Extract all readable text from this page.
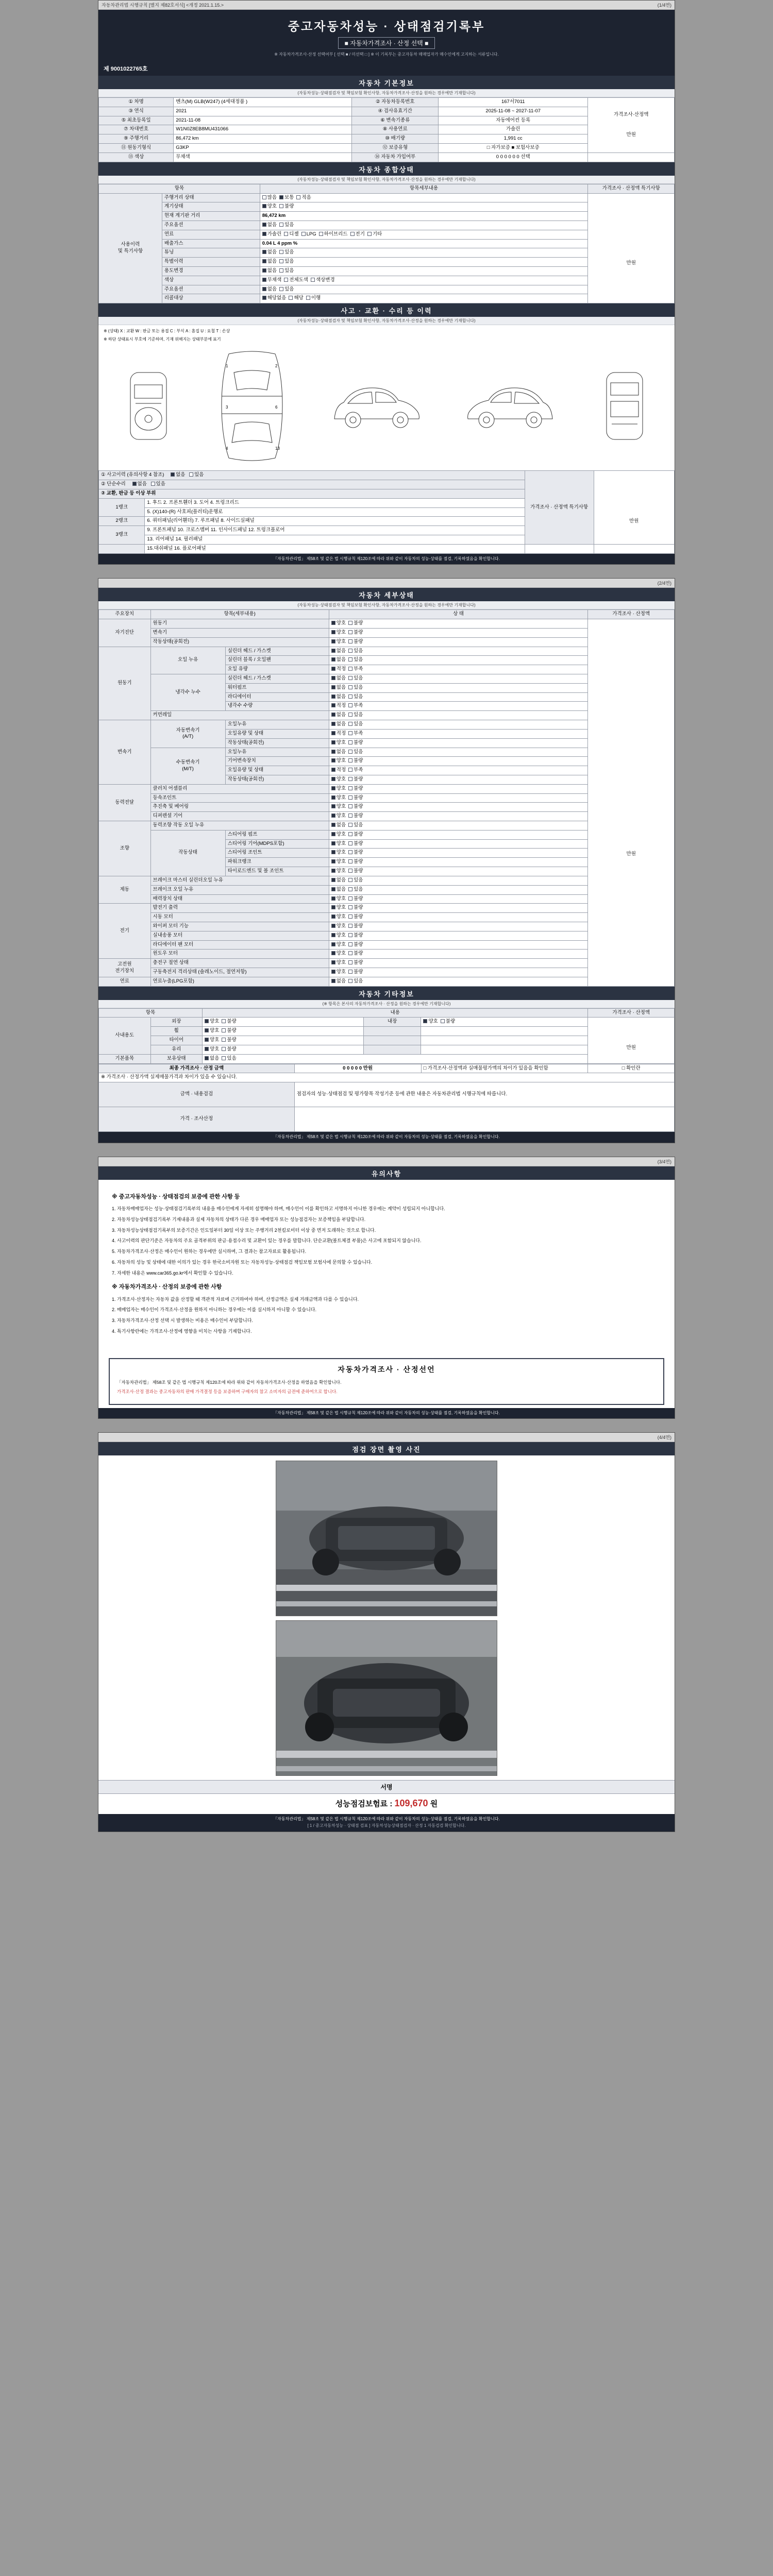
자동차관리법 시행규칙 [별지 제82호서식] <개정 2021.1.15.>	(1/4면)
중고자동차성능 · 상태점검기록부
■ 자동차가격조사 · 산정 선택 ■
※ 자동차가격조사·산정 선택여부 [ 선택 ■ / 미선택 □ ] ※ 이 기록부는 중고자동차 매매업자가 매수인에게 고지하는 서류입니다.
제 9001022765호
자동차 기본정보
(자동차성능·상태점검자 및 책임보험 확인사항, 자동차가격조사·산정을 원하는 경우에만 기재합니다)
① 차명	벤츠(M) GLB(W247) (4세대정품 )	② 자동차등록번호	167서7011	가격조사·산정액
만원

③ 연식	2021	④ 검사유효기간	2025-11-08 ~ 2027-11-07	
⑤ 최초등록일	2021-11-08	⑥ 변속기종류	자동에어컨 등록	
⑦ 차대번호	W1N0Z8EB8MU431066	⑧ 사용연료	가솔린	
⑨ 주행거리	86,472 km	⑩ 배기량	1,991 cc	
⑪ 원동기형식	G3KP	⑫ 보증유형	□ 자가보증 ■ 보험사보증	
⑬ 색상	무채색	⑭ 자동차 가입여부	0 0 0 0 0 0 선택	
자동차 종합상태
(자동차성능·상태점검자 및 책임보험 확인사항, 자동차가격조사·산정을 원하는 경우에만 기재합니다)
항목		항목세부내용	가격조사 · 산정액 특기사항
사용이력
및 특기사항	주행거리 상태	많음 보통 적음	만원

	계기상태	양호 불량	
	현재 계기판 거리	86,472 km	
	주요옵션	없음 있음	
	연료	가솔린 디젤 LPG 하이브리드 전기 기타	
	배출가스	0.04 L 4 ppm %	
	튜닝	없음 있음	
	특별이력	없음 있음	
	용도변경	없음 있음	
	색상	무채색 전체도색 색상변경	
	주요옵션	없음 있음	
	리콜대상	해당없음 해당 이행	
사고 · 교환 · 수리 등 이력
(자동차성능·상태점검자 및 책임보험 확인사항, 자동차가격조사·산정을 원하는 경우에만 기재합니다)
※ (상태) X : 교환 W : 판금 또는 용접 C : 부식 A : 흠집 U : 요철 T : 손상
※ 하단 상태표시 부호에 기준하며, 기재 위해지는 상태부분에 표기
1	2
3	6
4	13
① 사고이력 (유의사항 4 참조) 없음 있음		가격조사 · 산정액 특기사항	만원

② 단순수리 없음 있음			
② 교환, 판금 등 이상 부위			
1랭크	1. 후드 2. 프론트휀더 3. 도어 4. 트렁크리드		
	5. (X)140-(R) 사호피(플러티)운행로		
2랭크	6. 쿼터패널(리어휀더) 7. 루프패널 8. 사이드실패널		
3랭크	9. 프론트패널 10. 크로스멤버 11. 인사이드패널 12. 트렁크플로어		
	13. 리어패널 14. 필러패널		
	15.대쉬패널 16. 플로어패널		
「자동차관리법」 제58조 및 같은 법 시행규칙 제120조에 따라 위와 같이 자동차의 성능·상태를 점검, 기록하였음을 확인합니다.
(2/4면)
자동차 세부상태
(자동차성능·상태점검자 및 책임보험 확인사항, 자동차가격조사·산정을 원하는 경우에만 기재합니다)
주요장치	항목(세부내용)		상 태	가격조사 · 산정액
자기진단	원동기		양호 불량	만원

	변속기		양호 불량	
	작동상태(공회전)		양호 불량	
원동기	오일 누유	실린더 헤드 / 가스켓	없음 있음	
		실린더 블록 / 오일팬	없음 있음	
		오일 유량	적정 부족	
	냉각수 누수	실린더 헤드 / 가스켓	없음 있음	
		워터펌프	없음 있음	
		라디에이터	없음 있음	
		냉각수 수량	적정 부족	
	커먼레일		없음 있음	
변속기	자동변속기
(A/T)	오일누유	없음 있음	
		오일유량 및 상태	적정 부족	
		작동상태(공회전)	양호 불량	
	수동변속기
(M/T)	오일누유	없음 있음	
		기어변속장치	양호 불량	
		오일유량 및 상태	적정 부족	
		작동상태(공회전)	양호 불량	
동력전달	클러치 어셈블리		양호 불량	
	등속조인트		양호 불량	
	추진축 및 베어링		양호 불량	
	디퍼렌셜 기어		양호 불량	
조향	동력조향 작동 오일 누유		없음 있음	
	작동상태	스티어링 펌프	양호 불량	
		스티어링 기어(MDPS포함)	양호 불량	
		스티어링 조인트	양호 불량	
		파워크랭크	양호 불량	
		타이로드엔드 및 볼 조인트	양호 불량	
제동	브레이크 마스터 실린더오일 누유		없음 있음	
	브레이크 오일 누유		없음 있음	
	배력장치 상태		양호 불량	
전기	발전기 출력		양호 불량	
	시동 모터		양호 불량	
	와이퍼 모터 기능		양호 불량	
	실내송풍 모터		양호 불량	
	라디에이터 팬 모터		양호 불량	
	윈도우 모터		양호 불량	
고전원
전기장치	충전구 절연 상태		양호 불량	
	구동축전지 격리상태 (솔레노이드, 절연저항)		양호 불량	
연료	연료누출(LPG포함)		없음 있음	
자동차 기타정보
(※ 항목은 본사의 자동차가격조사 · 산정을 원하는 경우에만 기재합니다)
항목		내용			가격조사 · 산정액
사내용도	외장	양호 불량	내장	양호 불량	만원

	휠	양호 불량			
	타이어	양호 불량			
	유리	양호 불량			
기본품목	보유상태	없음 있음			
최종 가격조사 · 산정 금액	0 0 0 0 0 만원	□ 가격조사·산정액과 실매물평가액의 차이가 있음을 확인함	□ 확인란
※ 가격조사 · 산정가액 실제매물가격과 차이가 있을 수 있습니다.			
금액 · 내용검검	점검자의 성능·상태점검 및 평가항목 작성기준 등에 관한 내용은 자동차관리법 시행규칙에 따릅니다.		
가격 · 조사산정			
「자동차관리법」 제58조 및 같은 법 시행규칙 제120조에 따라 위와 같이 자동차의 성능·상태를 점검, 기록하였음을 확인합니다.
(3/4면)
유의사항
※ 중고자동차성능 · 상태점검의 보증에 관한 사항 등

1. 자동차매매업자는 성능·상태점검기록부의 내용을 매수인에게 자세히 설명해야 하며, 매수인이 이를 확인하고 서명하지 아니한 경우에는 계약이 성립되지 아니합니다.

2. 자동차성능상태점검기록부 기재내용과 실제 자동차의 상태가 다른 경우 매매업자 또는 성능점검자는 보증책임을 부담합니다.

3. 자동차성능상태점검기록부의 보증기간은 인도일부터 30일 이상 또는 주행거리 2천킬로미터 이상 중 먼저 도래하는 것으로 합니다.

4. 사고이력의 판단기준은 자동차의 주요 골격부위의 판금·용접수리 및 교환이 있는 경우를 말합니다. 단순교환(볼트체결 부품)은 사고에 포함되지 않습니다.

5. 자동차가격조사·산정은 매수인이 원하는 경우에만 실시하며, 그 결과는 참고자료로 활용됩니다.

6. 자동차의 성능 및 상태에 대한 이의가 있는 경우 한국소비자원 또는 자동차성능·상태점검 책임보험 보험사에 문의할 수 있습니다.

7. 자세한 내용은 www.car365.go.kr에서 확인할 수 있습니다.

※ 자동차가격조사 · 산정의 보증에 관한 사항

1. 가격조사·산정자는 자동차 값을 산정할 때 객관적 자료에 근거하여야 하며, 산정금액은 실제 거래금액과 다를 수 있습니다.

2. 매매업자는 매수인이 가격조사·산정을 원하지 아니하는 경우에는 이를 실시하지 아니할 수 있습니다.

3. 자동차가격조사·산정 선택 시 발생하는 비용은 매수인이 부담합니다.

4. 특기사항란에는 가격조사·산정에 영향을 미치는 사항을 기재합니다.

자동차가격조사 · 산정선언

「자동차관리법」 제58조 및 같은 법 시행규칙 제120조에 따라 위와 같이 자동차가격조사·산정을 하였음을 확인합니다.

가격조사·산정 결과는 중고자동차의 판매 가격결정 등을 보증하며 구매자의 참고 소비자의 금전에 준하여으로 합니다.

「자동차관리법」 제58조 및 같은 법 시행규칙 제120조에 따라 위와 같이 자동차의 성능·상태를 점검, 기록하였음을 확인합니다.
(4/4면)
점검 장면 촬영 사진
서명
성능점검보험료 : 109,670 원
「자동차관리법」 제58조 및 같은 법 시행규칙 제120조에 따라 위와 같이 자동차의 성능·상태를 점검, 기록하였음을 확인합니다.
[ 1 / 중고자동차성능 · 상태점 검표 ] 자동차성능상태점검자 · 산정 1 자동검검 확인합니다.
